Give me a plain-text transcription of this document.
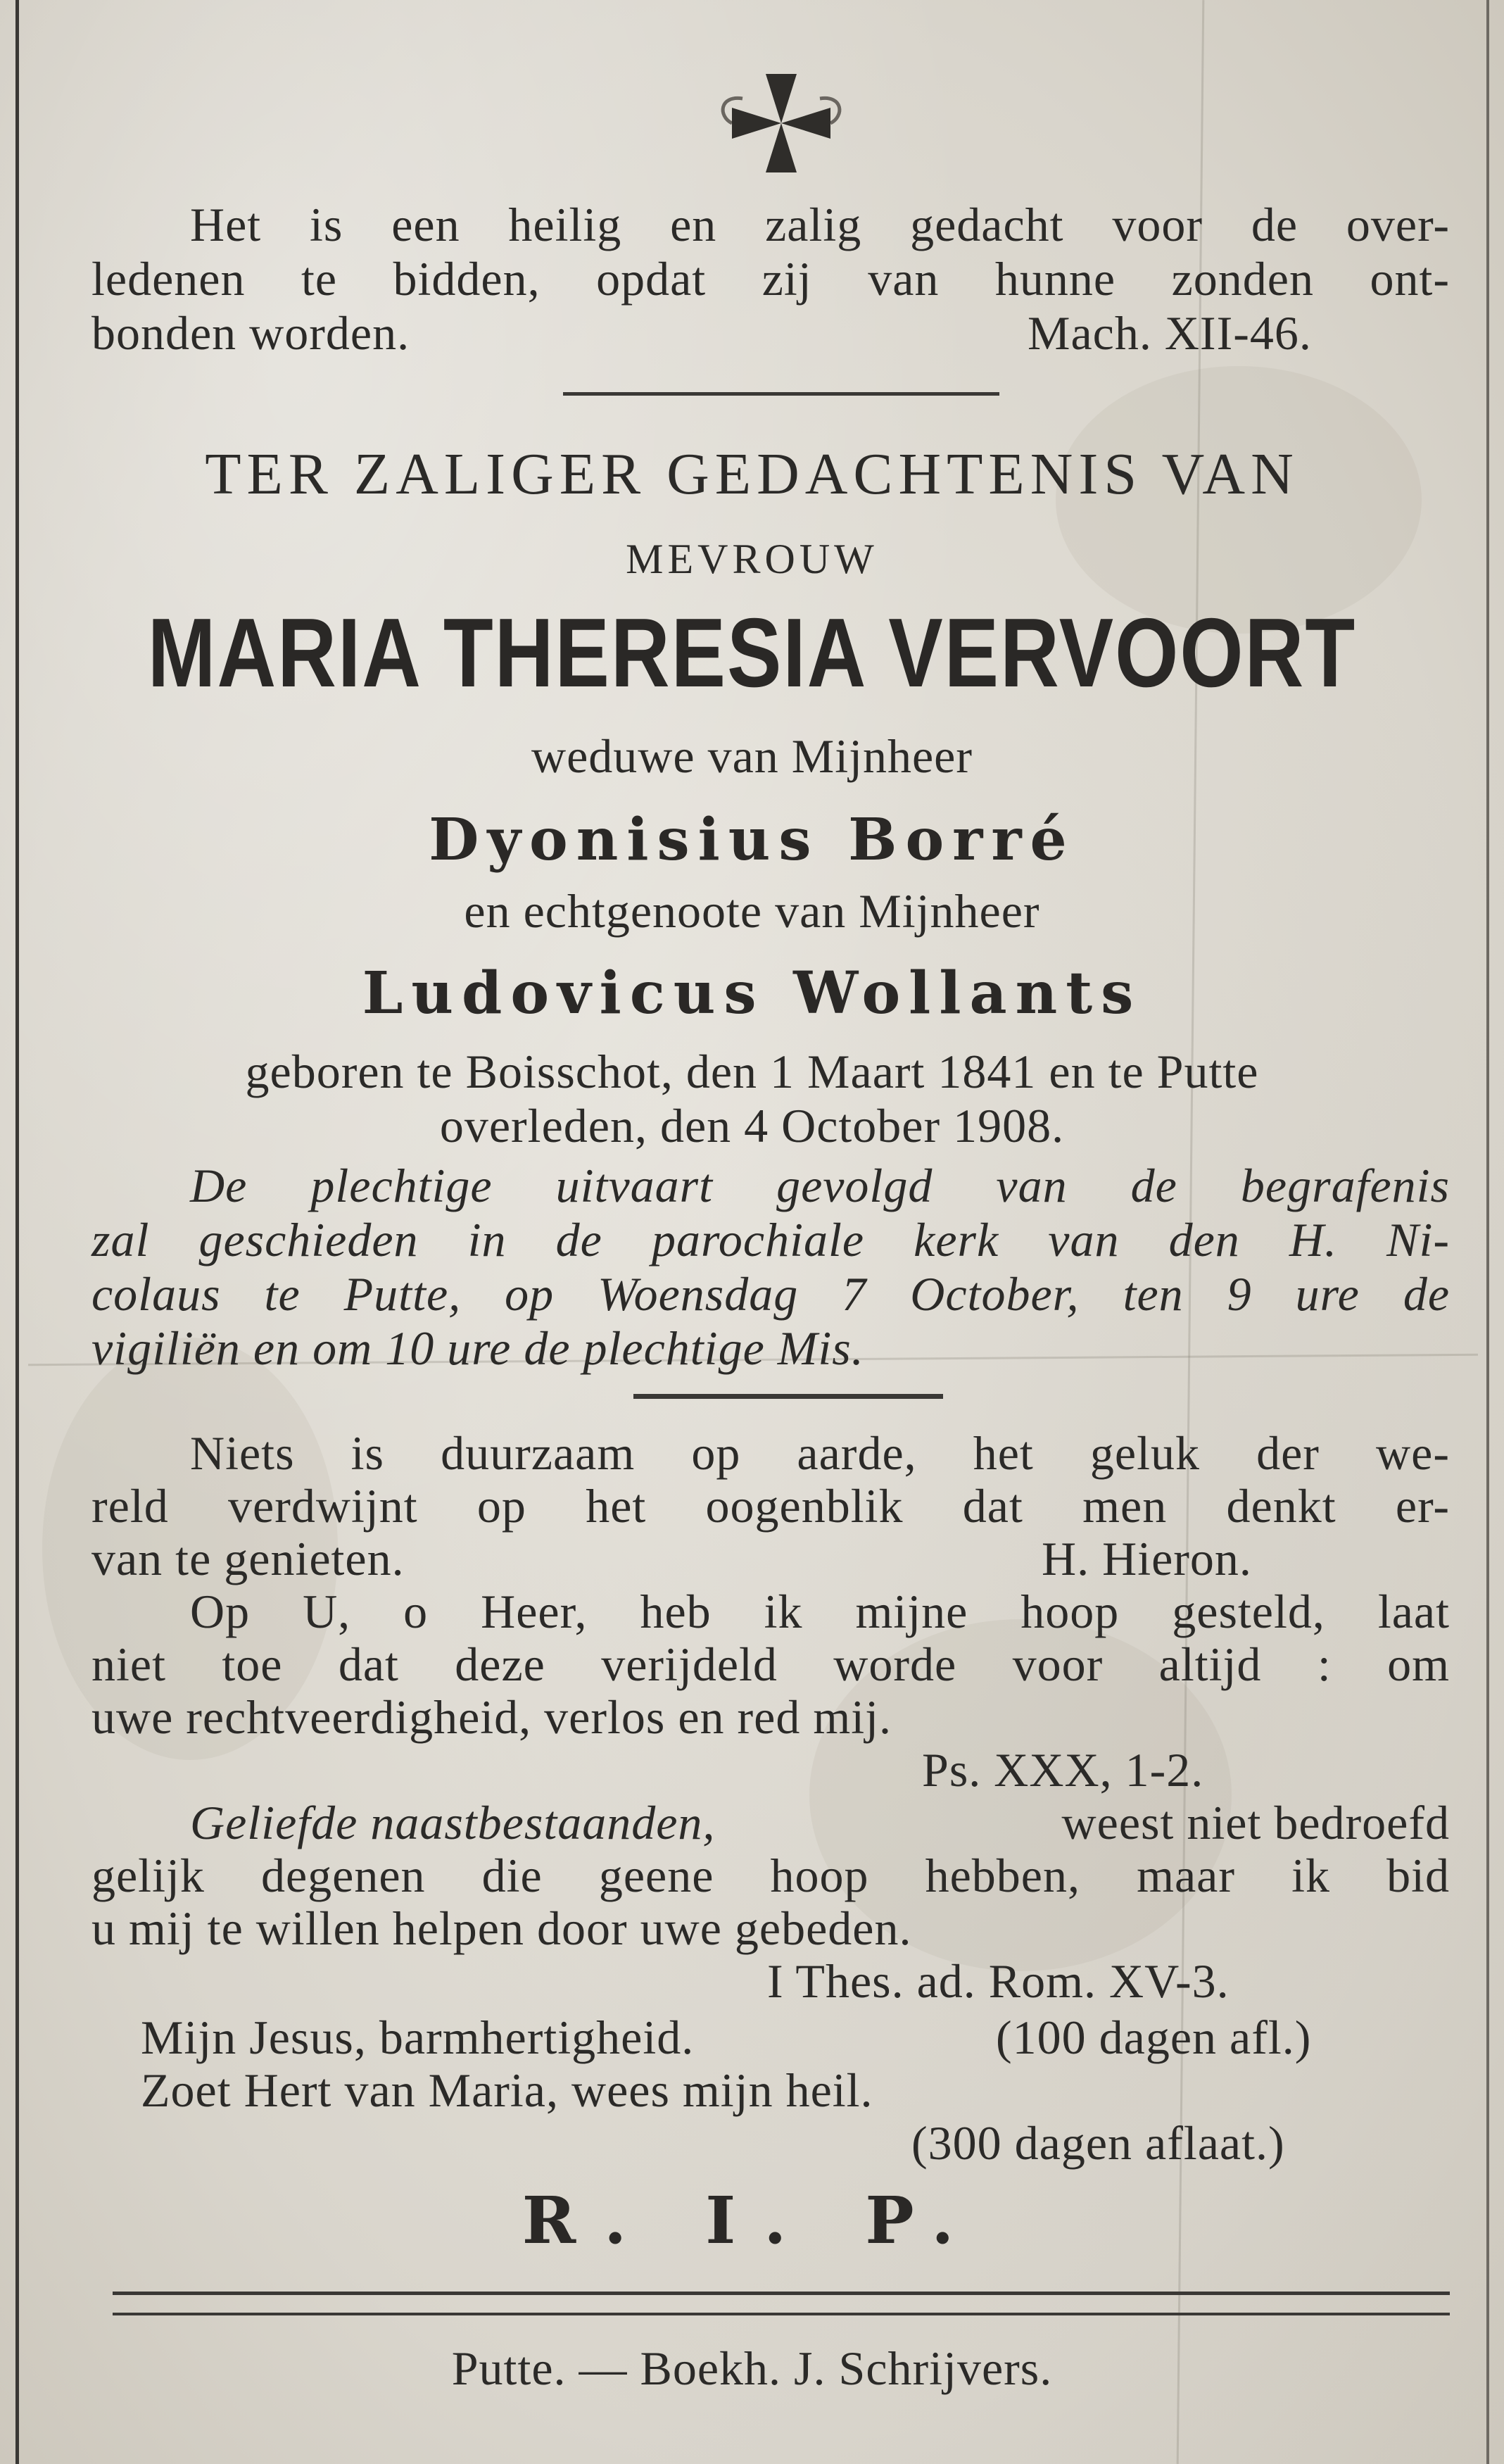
Het is een heilig en zalig gedacht voor de over-
ledenen te bidden, opdat zij van hunne zonden ont-
bonden worden.	Mach. XII-46.
TER ZALIGER GEDACHTENIS VAN
MEVROUW
MARIA THERESIA VERVOORT
weduwe van Mijnheer
Dyonisius Borré
en echtgenoote van Mijnheer
Ludovicus Wollants
geboren te Boisschot, den 1 Maart 1841 en te Putte
overleden, den 4 October 1908.
De plechtige uitvaart gevolgd van de begrafenis
zal geschieden in de parochiale kerk van den H. Ni-
colaus te Putte, op Woensdag 7 October, ten 9 ure de
vigiliën en om 10 ure de plechtige Mis.
Niets is duurzaam op aarde, het geluk der we-
reld verdwijnt op het oogenblik dat men denkt er-
van te genieten.	H. Hieron.
Op U, o Heer, heb ik mijne hoop gesteld, laat
niet toe dat deze verijdeld worde voor altijd : om
uwe rechtveerdigheid, verlos en red mij.
Ps. XXX, 1-2.
Geliefde naastbestaanden,	weest niet bedroefd
gelijk degenen die geene hoop hebben, maar ik bid
u mij te willen helpen door uwe gebeden.
I Thes. ad. Rom. XV-3.
Mijn Jesus, barmhertigheid.	(100 dagen afl.)
Zoet Hert van Maria, wees mijn heil.
(300 dagen aflaat.)
R. I. P.
Putte. — Boekh. J. Schrijvers.
